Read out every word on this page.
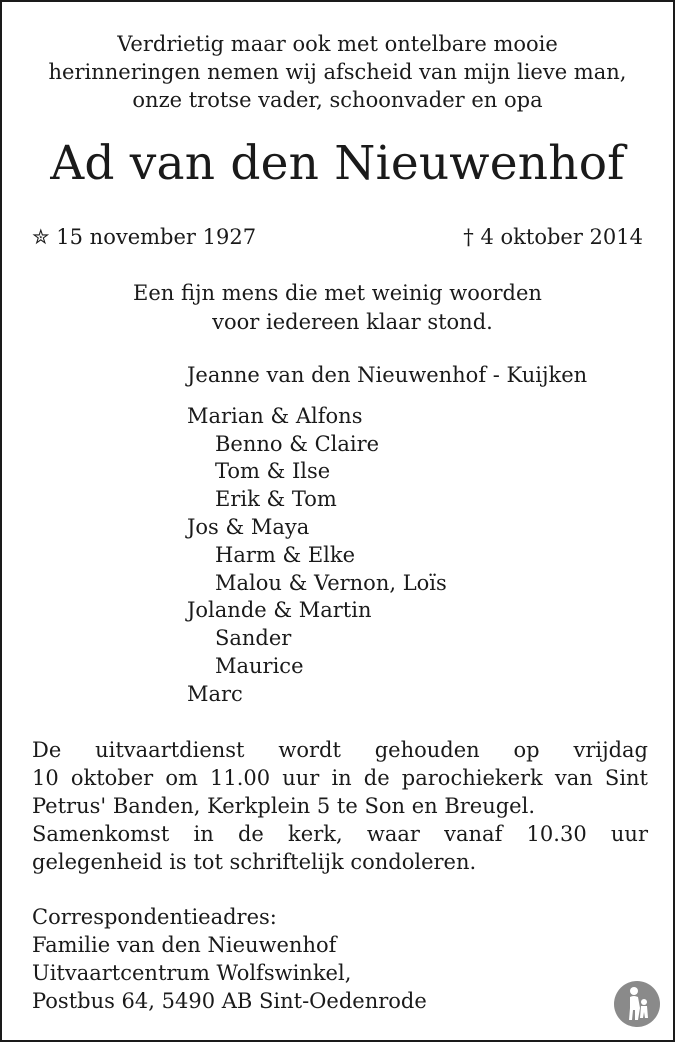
Verdrietig maar ook met ontelbare mooie
herinneringen nemen wij afscheid van mijn lieve man,
onze trotse vader, schoonvader en opa
Ad van den Nieuwenhof
✮ 15 november 1927	† 4 oktober 2014
Een fijn mens die met weinig woorden
voor iedereen klaar stond.
Jeanne van den Nieuwenhof - Kuijken
Marian & Alfons
Benno & Claire
Tom & Ilse
Erik & Tom
Jos & Maya
Harm & Elke
Malou & Vernon, Loïs
Jolande & Martin
Sander
Maurice
Marc
De uitvaartdienst wordt gehouden op vrijdag
10 oktober om 11.00 uur in de parochiekerk van Sint
Petrus' Banden, Kerkplein 5 te Son en Breugel.
Samenkomst in de kerk, waar vanaf 10.30 uur
gelegenheid is tot schriftelijk condoleren.
Correspondentieadres:
Familie van den Nieuwenhof
Uitvaartcentrum Wolfswinkel,
Postbus 64, 5490 AB Sint-Oedenrode
